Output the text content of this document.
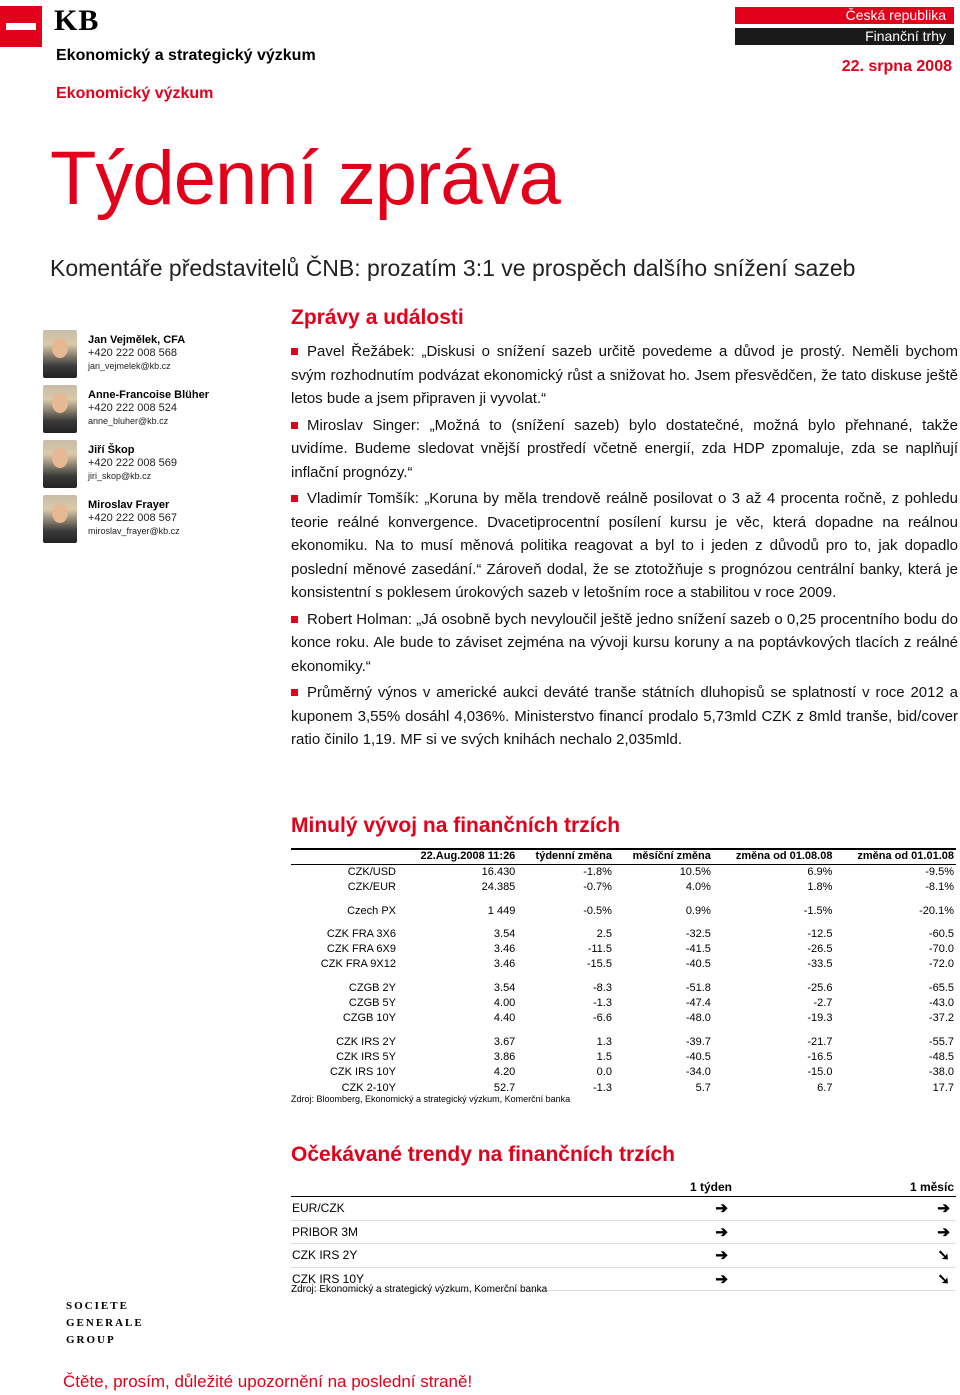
KB
Ekonomický a strategický výzkum
Ekonomický výzkum
Česká republika
Finanční trhy
22. srpna 2008
Týdenní zpráva
Komentáře představitelů ČNB: prozatím 3:1 ve prospěch dalšího snížení sazeb
Jan Vejmělek, CFA
+420 222 008 568
jan_vejmelek@kb.cz
Anne-Francoise Blüher
+420 222 008 524
anne_bluher@kb.cz
Jiří Škop
+420 222 008 569
jiri_skop@kb.cz
Miroslav Frayer
+420 222 008 567
miroslav_frayer@kb.cz
Zprávy a události

Pavel Řežábek: „Diskusi o snížení sazeb určitě povedeme a důvod je prostý. Neměli bychom svým rozhodnutím podvázat ekonomický růst a snižovat ho. Jsem přesvědčen, že tato diskuse ještě letos bude a jsem připraven ji vyvolat.“

Miroslav Singer: „Možná to (snížení sazeb) bylo dostatečné, možná bylo přehnané, takže uvidíme. Budeme sledovat vnější prostředí včetně energií, zda HDP zpomaluje, zda se naplňují inflační prognózy.“

Vladimír Tomšík: „Koruna by měla trendově reálně posilovat o 3 až 4 procenta ročně, z pohledu teorie reálné konvergence. Dvacetiprocentní posílení kursu je věc, která dopadne na reálnou ekonomiku. Na to musí měnová politika reagovat a byl to i jeden z důvodů pro to, jak dopadlo poslední měnové zasedání.“ Zároveň dodal, že se ztotožňuje s prognózou centrální banky, která je konsistentní s poklesem úrokových sazeb v letošním roce a stabilitou v roce 2009.

Robert Holman: „Já osobně bych nevyloučil ještě jedno snížení sazeb o 0,25 procentního bodu do konce roku. Ale bude to záviset zejména na vývoji kursu koruny a na poptávkových tlacích z reálné ekonomiky.“

Průměrný výnos v americké aukci deváté tranše státních dluhopisů se splatností v roce 2012 a kuponem 3,55% dosáhl 4,036%. Ministerstvo financí prodalo 5,73mld CZK z 8mld tranše, bid/cover ratio činilo 1,19. MF si ve svých knihách nechalo 2,035mld.

Minulý vývoj na finančních trzích
	22.Aug.2008 11:26	týdenní změna	měsíční změna	změna od 01.08.08	změna od 01.01.08
CZK/USD	16.430	-1.8%	10.5%	6.9%	-9.5%
CZK/EUR	24.385	-0.7%	4.0%	1.8%	-8.1%

Czech PX	1 449	-0.5%	0.9%	-1.5%	-20.1%

CZK FRA 3X6	3.54	2.5	-32.5	-12.5	-60.5
CZK FRA 6X9	3.46	-11.5	-41.5	-26.5	-70.0
CZK FRA 9X12	3.46	-15.5	-40.5	-33.5	-72.0

CZGB 2Y	3.54	-8.3	-51.8	-25.6	-65.5
CZGB 5Y	4.00	-1.3	-47.4	-2.7	-43.0
CZGB 10Y	4.40	-6.6	-48.0	-19.3	-37.2

CZK IRS 2Y	3.67	1.3	-39.7	-21.7	-55.7
CZK IRS 5Y	3.86	1.5	-40.5	-16.5	-48.5
CZK IRS 10Y	4.20	0.0	-34.0	-15.0	-38.0
CZK 2-10Y	52.7	-1.3	5.7	6.7	17.7
Zdroj: Bloomberg, Ekonomický a strategický výzkum, Komerční banka
Očekávané trendy na finančních trzích
	1 týden	1 měsíc
EUR/CZK	➔	➔
PRIBOR 3M	➔	➔
CZK IRS 2Y	➔	➘
CZK IRS 10Y	➔	➘
Zdroj: Ekonomický a strategický výzkum, Komerční banka
SOCIETE
GENERALE
GROUP
Čtěte, prosím, důležité upozornění na poslední straně!
